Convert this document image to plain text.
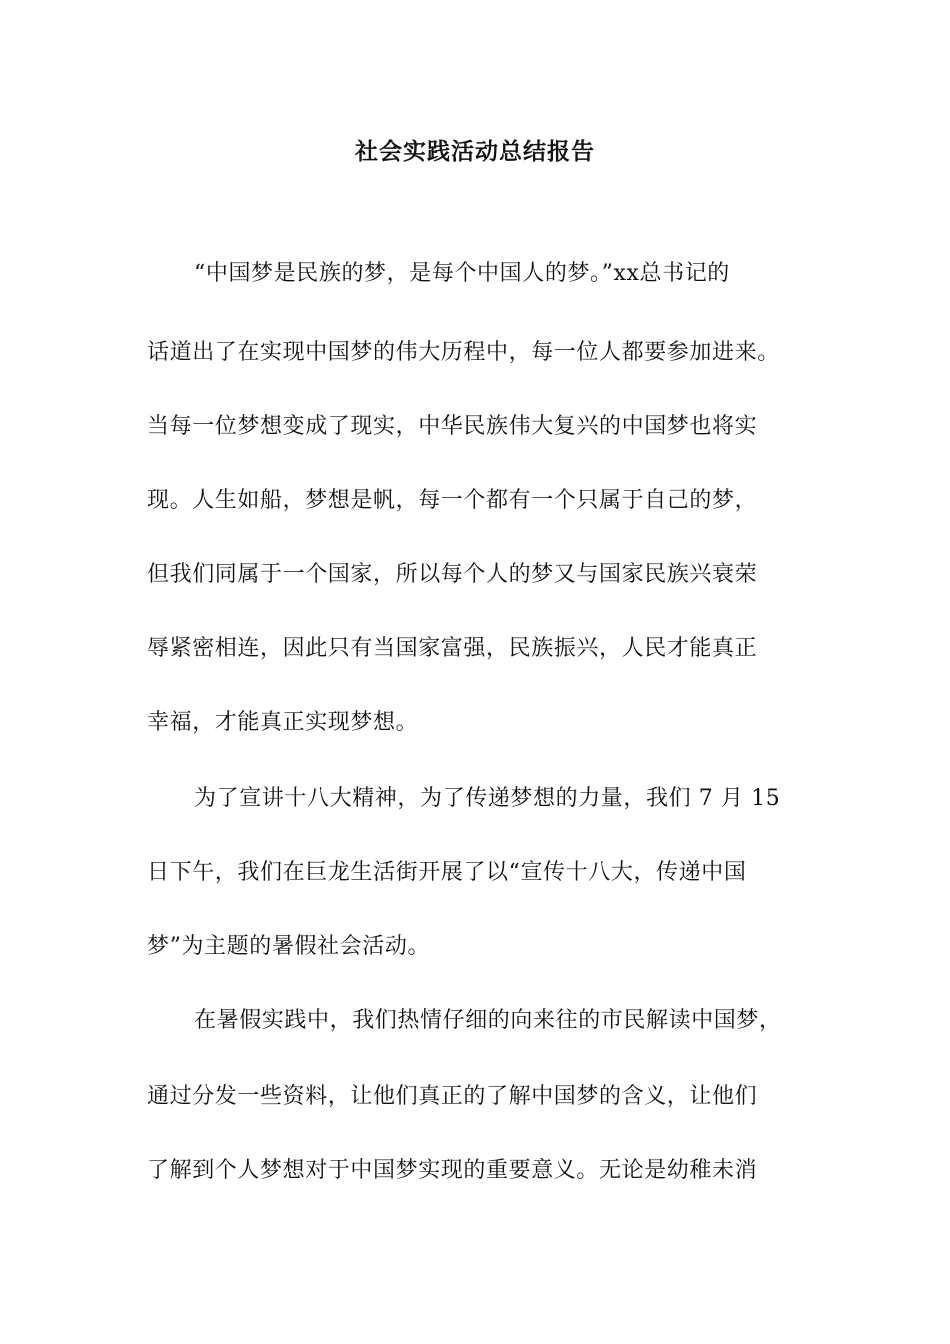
社会实践活动总结报告
“中国梦是民族的梦，是每个中国人的梦。”xx总书记的
话道出了在实现中国梦的伟大历程中，每一位人都要参加进来。
当每一位梦想变成了现实，中华民族伟大复兴的中国梦也将实
现。人生如船，梦想是帆，每一个都有一个只属于自己的梦，
但我们同属于一个国家，所以每个人的梦又与国家民族兴衰荣
辱紧密相连，因此只有当国家富强，民族振兴，人民才能真正
幸福，才能真正实现梦想。
为了宣讲十八大精神，为了传递梦想的力量，我们 7 月 15
日下午，我们在巨龙生活街开展了以“宣传十八大，传递中国
梦”为主题的暑假社会活动。
在暑假实践中，我们热情仔细的向来往的市民解读中国梦，
通过分发一些资料，让他们真正的了解中国梦的含义，让他们
了解到个人梦想对于中国梦实现的重要意义。无论是幼稚未消
